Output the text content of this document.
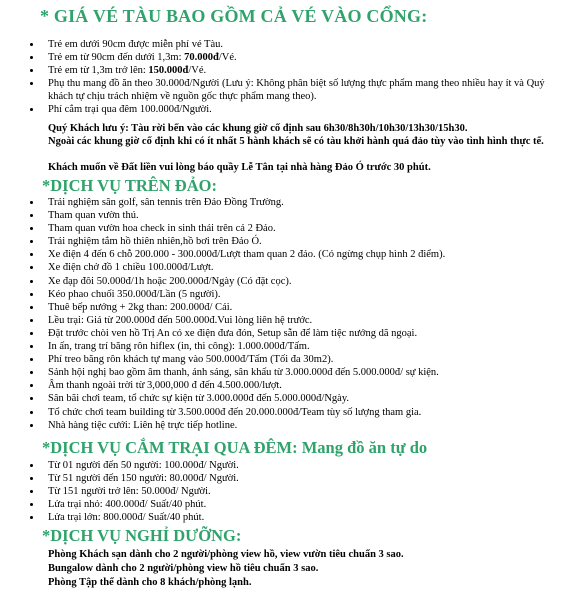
* GIÁ VÉ TÀU BAO GỒM CẢ VÉ VÀO CỔNG:
Trẻ em dưới 90cm được miễn phí vé Tàu.
Trẻ em từ 90cm đến dưới 1,3m: 70.000đ/Vé.
Trẻ em từ 1,3m trở lên: 150.000đ/Vé.
Phụ thu mang đồ ăn theo 30.000đ/Người (Lưu ý: Không phân biệt số lượng thực phẩm mang theo nhiều hay ít và Quý khách tự chịu trách nhiệm về nguồn gốc thực phẩm mang theo).
Phí cắm trại qua đêm 100.000đ/Người.
Quý Khách lưu ý: Tàu rời bến vào các khung giờ cố định sau 6h30/8h30h/10h30/13h30/15h30.
Ngoài các khung giờ cố định khi có ít nhất 5 hành khách sẽ có tàu khởi hành quá đảo tùy vào tình hình thực tế.
Khách muốn về Đất liền vui lòng báo quầy Lễ Tân tại nhà hàng Đảo Ó trước 30 phút.
*DỊCH VỤ TRÊN ĐẢO:
Trải nghiệm sân golf, sân tennis trên Đảo Đồng Trường.
Tham quan vườn thú.
Tham quan vườn hoa check in sinh thái trên cả 2 Đảo.
Trải nghiệm tắm hồ thiên nhiên,hồ bơi trên Đảo Ó.
Xe điện 4 đến 6 chỗ 200.000 - 300.000đ/Lượt tham quan 2 đảo. (Có ngừng chụp hình 2 điểm).
Xe điện chở đồ 1 chiều 100.000đ/Lượt.
Xe đạp đôi 50.000đ/1h hoặc 200.000đ/Ngày (Có đặt cọc).
Kéo phao chuối 350.000đ/Lần (5 người).
Thuê bếp nướng + 2kg than: 200.000đ/ Cái.
Lều trại: Giá từ 200.000đ đến 500.000đ.Vui lòng liên hệ trước.
Đặt trước chòi ven hồ Trị An có xe điện đưa đón, Setup sẵn để làm tiệc nướng dã ngoại.
In ấn, trang trí băng rôn hiflex (in, thi công): 1.000.000đ/Tấm.
Phí treo băng rôn khách tự mang vào 500.000đ/Tấm (Tối đa 30m2).
Sảnh hội nghị bao gồm âm thanh, ánh sáng, sân khấu từ 3.000.000đ đến 5.000.000đ/ sự kiện.
Âm thanh ngoài trời từ 3,000,000 đ đến 4.500.000/lượt.
Sân bãi chơi team, tổ chức sự kiện từ 3.000.000đ đến 5.000.000đ/Ngày.
Tổ chức chơi team building từ 3.500.000đ đến 20.000.000đ/Team tùy số lượng tham gia.
Nhà hàng tiệc cưới: Liên hệ trực tiếp hotline.
*DỊCH VỤ CẮM TRẠI QUA ĐÊM: Mang đồ ăn tự do
Từ 01 người đến 50 người: 100.000đ/ Người.
Từ 51 người đến 150 người: 80.000đ/ Người.
Từ 151 người trở lên: 50.000đ/ Người.
Lửa trại nhỏ: 400.000đ/ Suất/40 phút.
Lửa trại lớn: 800.000đ/ Suất/40 phút.
*DỊCH VỤ NGHỈ DƯỠNG:
Phòng Khách sạn dành cho 2 người/phòng view hồ, view vườn tiêu chuẩn 3 sao.
Bungalow dành cho 2 người/phòng view hồ tiêu chuẩn 3 sao.
Phòng Tập thể dành cho 8 khách/phòng lạnh.
